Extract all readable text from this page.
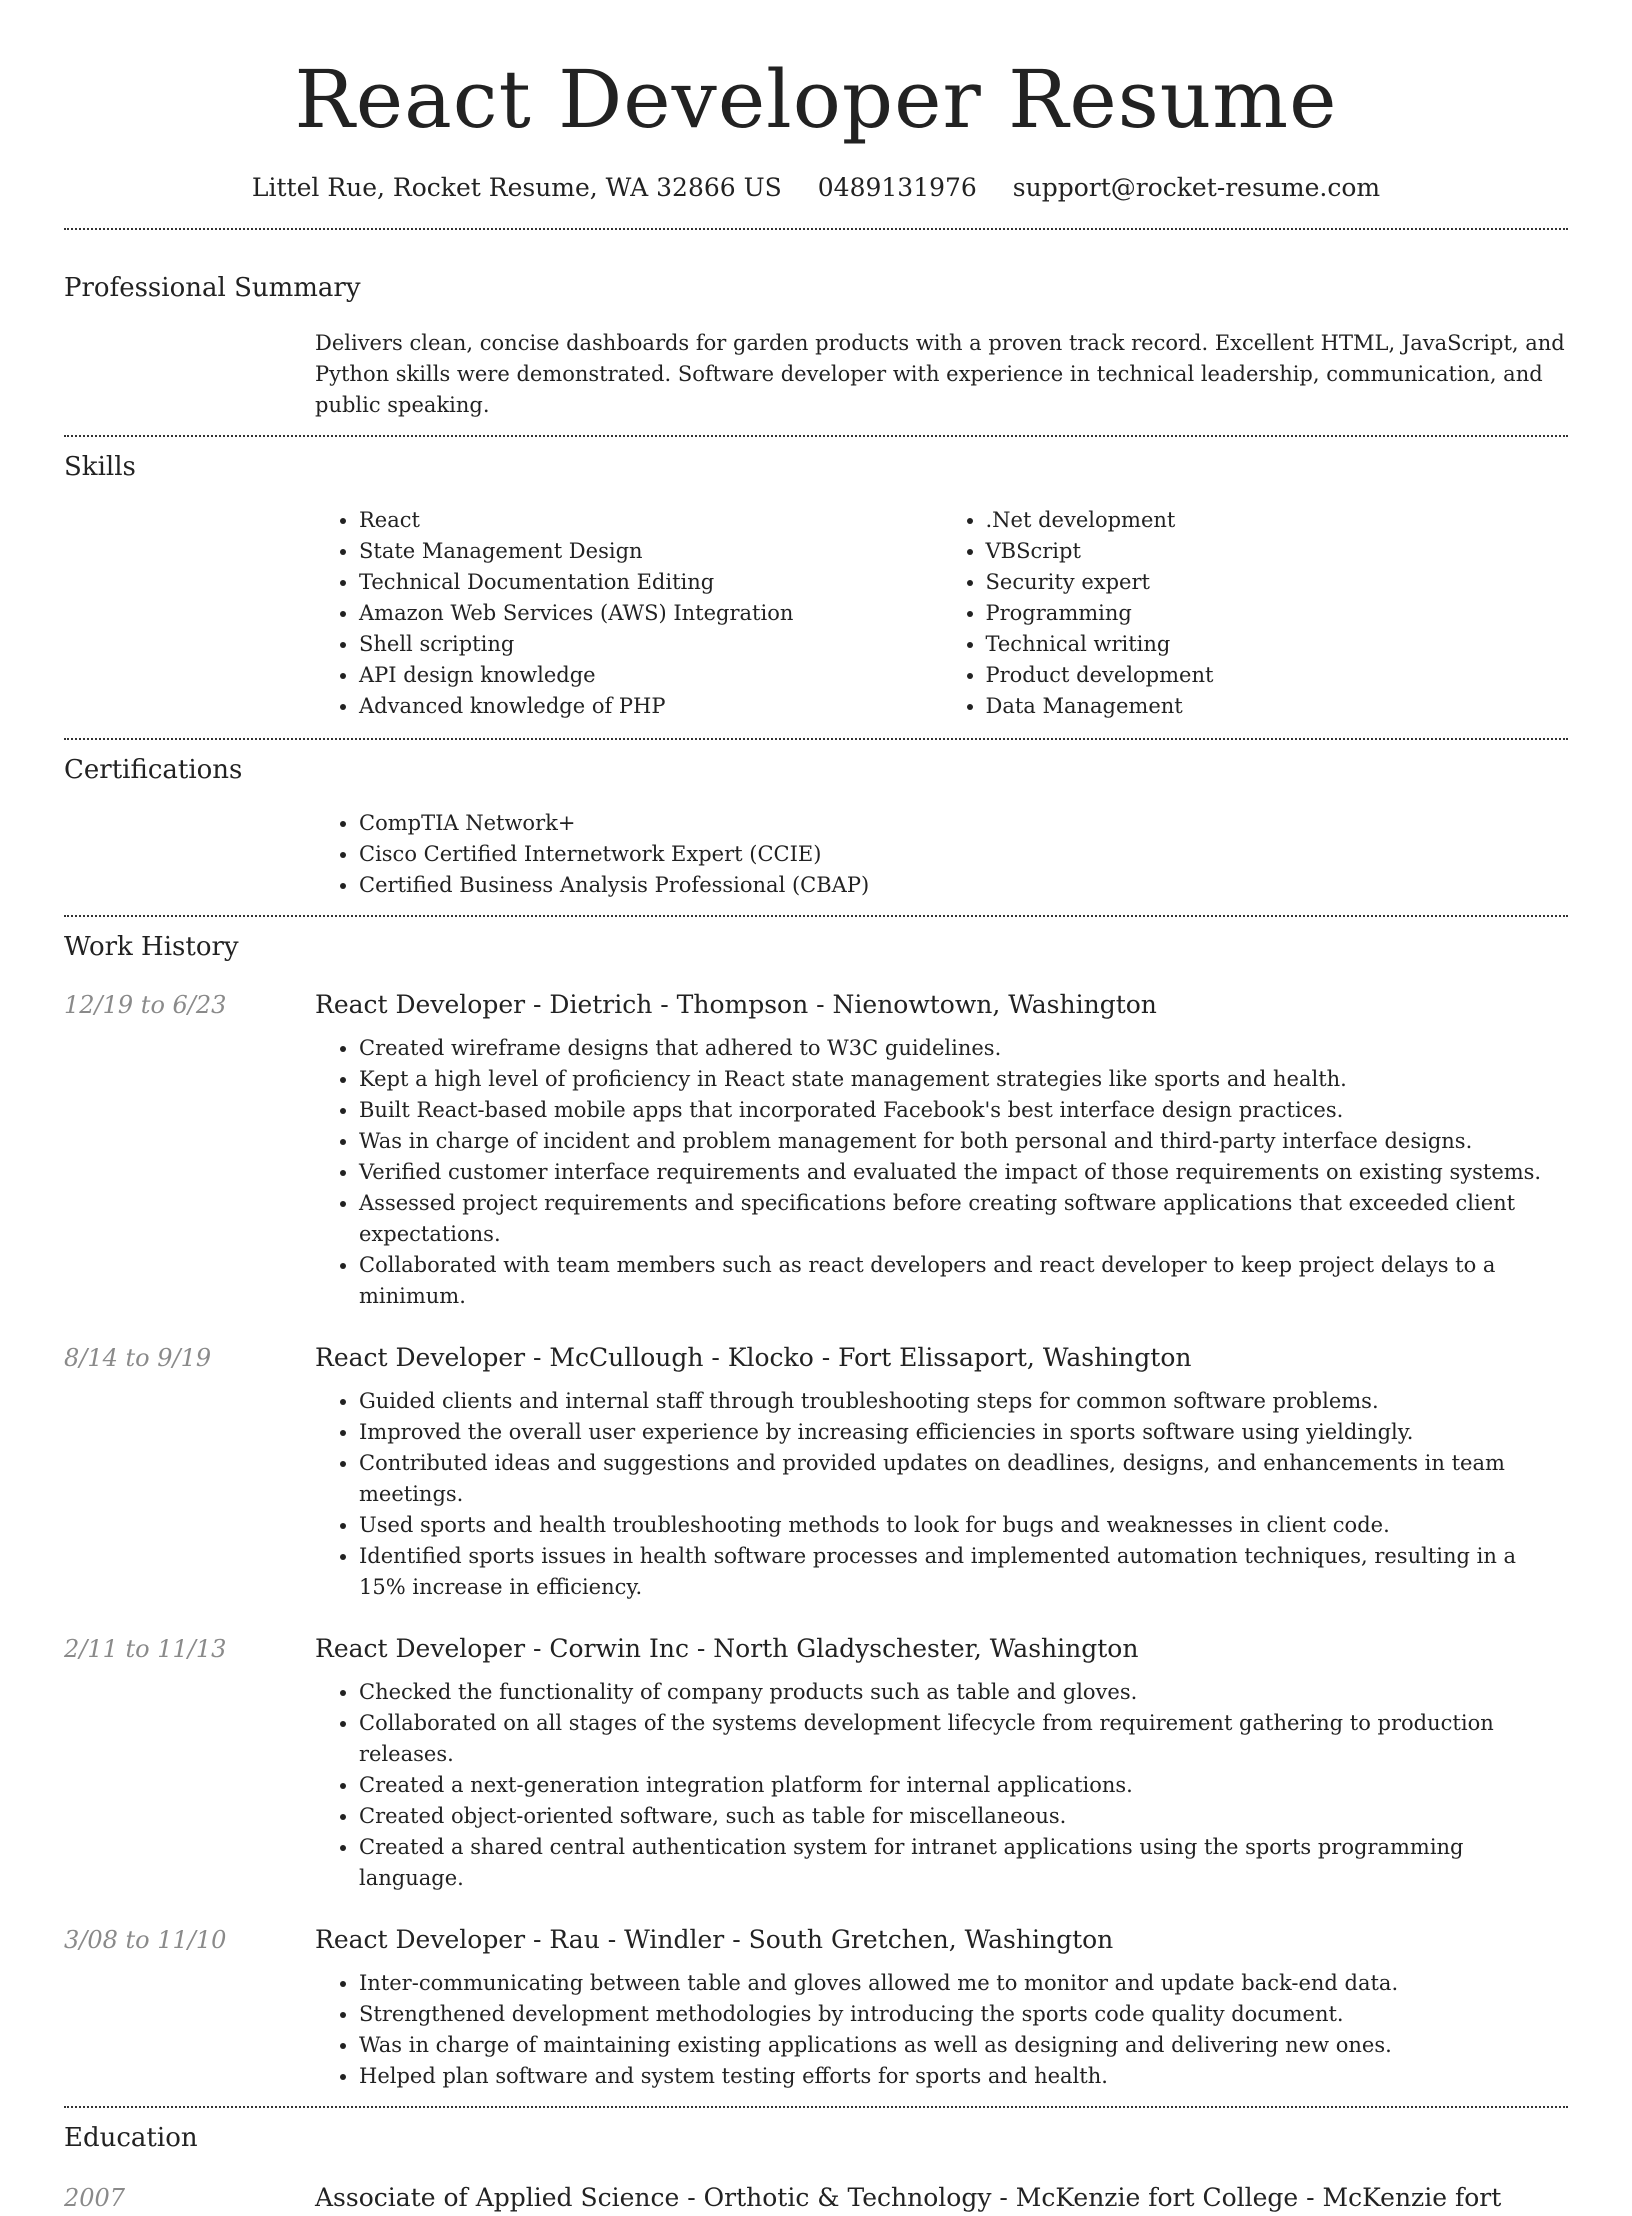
React Developer Resume
Littel Rue, Rocket Resume, WA 32866 US 0489131976 support@rocket-resume.com
Professional Summary
Delivers clean, concise dashboards for garden products with a proven track record. Excellent HTML, JavaScript, and Python skills were demonstrated. Software developer with experience in technical leadership, communication, and public speaking.
Skills
• React
• State Management Design
• Technical Documentation Editing
• Amazon Web Services (AWS) Integration
• Shell scripting
• API design knowledge
• Advanced knowledge of PHP
• .Net development
• VBScript
• Security expert
• Programming
• Technical writing
• Product development
• Data Management
Certifications
• CompTIA Network+
• Cisco Certified Internetwork Expert (CCIE)
• Certified Business Analysis Professional (CBAP)
Work History
12/19 to 6/23	React Developer - Dietrich - Thompson - Nienowtown, Washington
• Created wireframe designs that adhered to W3C guidelines.
• Kept a high level of proficiency in React state management strategies like sports and health.
• Built React-based mobile apps that incorporated Facebook's best interface design practices.
• Was in charge of incident and problem management for both personal and third-party interface designs.
• Verified customer interface requirements and evaluated the impact of those requirements on existing systems.
• Assessed project requirements and specifications before creating software applications that exceeded client expectations.
• Collaborated with team members such as react developers and react developer to keep project delays to a minimum.
8/14 to 9/19	React Developer - McCullough - Klocko - Fort Elissaport, Washington
• Guided clients and internal staff through troubleshooting steps for common software problems.
• Improved the overall user experience by increasing efficiencies in sports software using yieldingly.
• Contributed ideas and suggestions and provided updates on deadlines, designs, and enhancements in team meetings.
• Used sports and health troubleshooting methods to look for bugs and weaknesses in client code.
• Identified sports issues in health software processes and implemented automation techniques, resulting in a 15% increase in efficiency.
2/11 to 11/13	React Developer - Corwin Inc - North Gladyschester, Washington
• Checked the functionality of company products such as table and gloves.
• Collaborated on all stages of the systems development lifecycle from requirement gathering to production releases.
• Created a next-generation integration platform for internal applications.
• Created object-oriented software, such as table for miscellaneous.
• Created a shared central authentication system for intranet applications using the sports programming language.
3/08 to 11/10	React Developer - Rau - Windler - South Gretchen, Washington
• Inter-communicating between table and gloves allowed me to monitor and update back-end data.
• Strengthened development methodologies by introducing the sports code quality document.
• Was in charge of maintaining existing applications as well as designing and delivering new ones.
• Helped plan software and system testing efforts for sports and health.
Education
2007	Associate of Applied Science - Orthotic & Technology - McKenzie fort College - McKenzie fort
